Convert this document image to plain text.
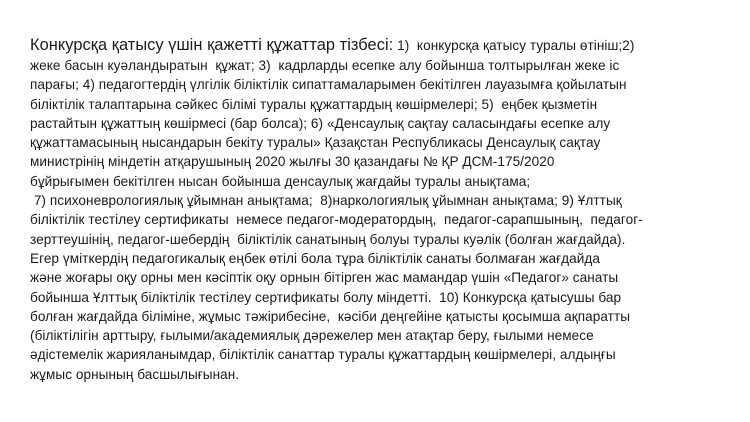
Конкурсқа қатысу үшін қажетті құжаттар тізбесі: 1)  конкурсқа қатысу туралы өтініш;2)
жеке басын куәландыратын  құжат; 3)  кадрларды есепке алу бойынша толтырылған жеке іс
парағы; 4) педагогтердің үлгілік біліктілік сипаттамаларымен бекітілген лауазымға қойылатын
біліктілік талаптарына сәйкес білімі туралы құжаттардың көшірмелері; 5)  еңбек қызметін
растайтын құжаттың көшірмесі (бар болса); 6) «Денсаулық сақтау саласындағы есепке алу
құжаттамасының нысандарын бекіту туралы» Қазақстан Республикасы Денсаулық сақтау
министрінің міндетін атқарушының 2020 жылғы 30 қазандағы № ҚР ДСМ-175/2020
бұйрығымен бекітілген нысан бойынша денсаулық жағдайы туралы анықтама;
7) психоневрологиялық ұйымнан анықтама;  8)наркологиялық ұйымнан анықтама; 9) Ұлттық
біліктілік тестілеу сертификаты  немесе педагог-модератордың,  педагог-сарапшының,  педагог-
зерттеушінің, педагог-шебердің  біліктілік санатының болуы туралы куәлік (болған жағдайда).
Егер үміткердің педагогикалық еңбек өтілі бола тұра біліктілік санаты болмаған жағдайда
және жоғары оқу орны мен кәсіптік оқу орнын бітірген жас мамандар үшін «Педагог» санаты
бойынша Ұлттық біліктілік тестілеу сертификаты болу міндетті.  10) Конкурсқа қатысушы бар
болған жағдайда біліміне, жұмыс тәжірибесіне,  кәсіби деңгейіне қатысты қосымша ақпаратты
(біліктілігін арттыру, ғылыми/академиялық дәрежелер мен атақтар беру, ғылыми немесе
әдістемелік жарияланымдар, біліктілік санаттар туралы құжаттардың көшірмелері, алдыңғы
жұмыс орнының басшылығынан.
